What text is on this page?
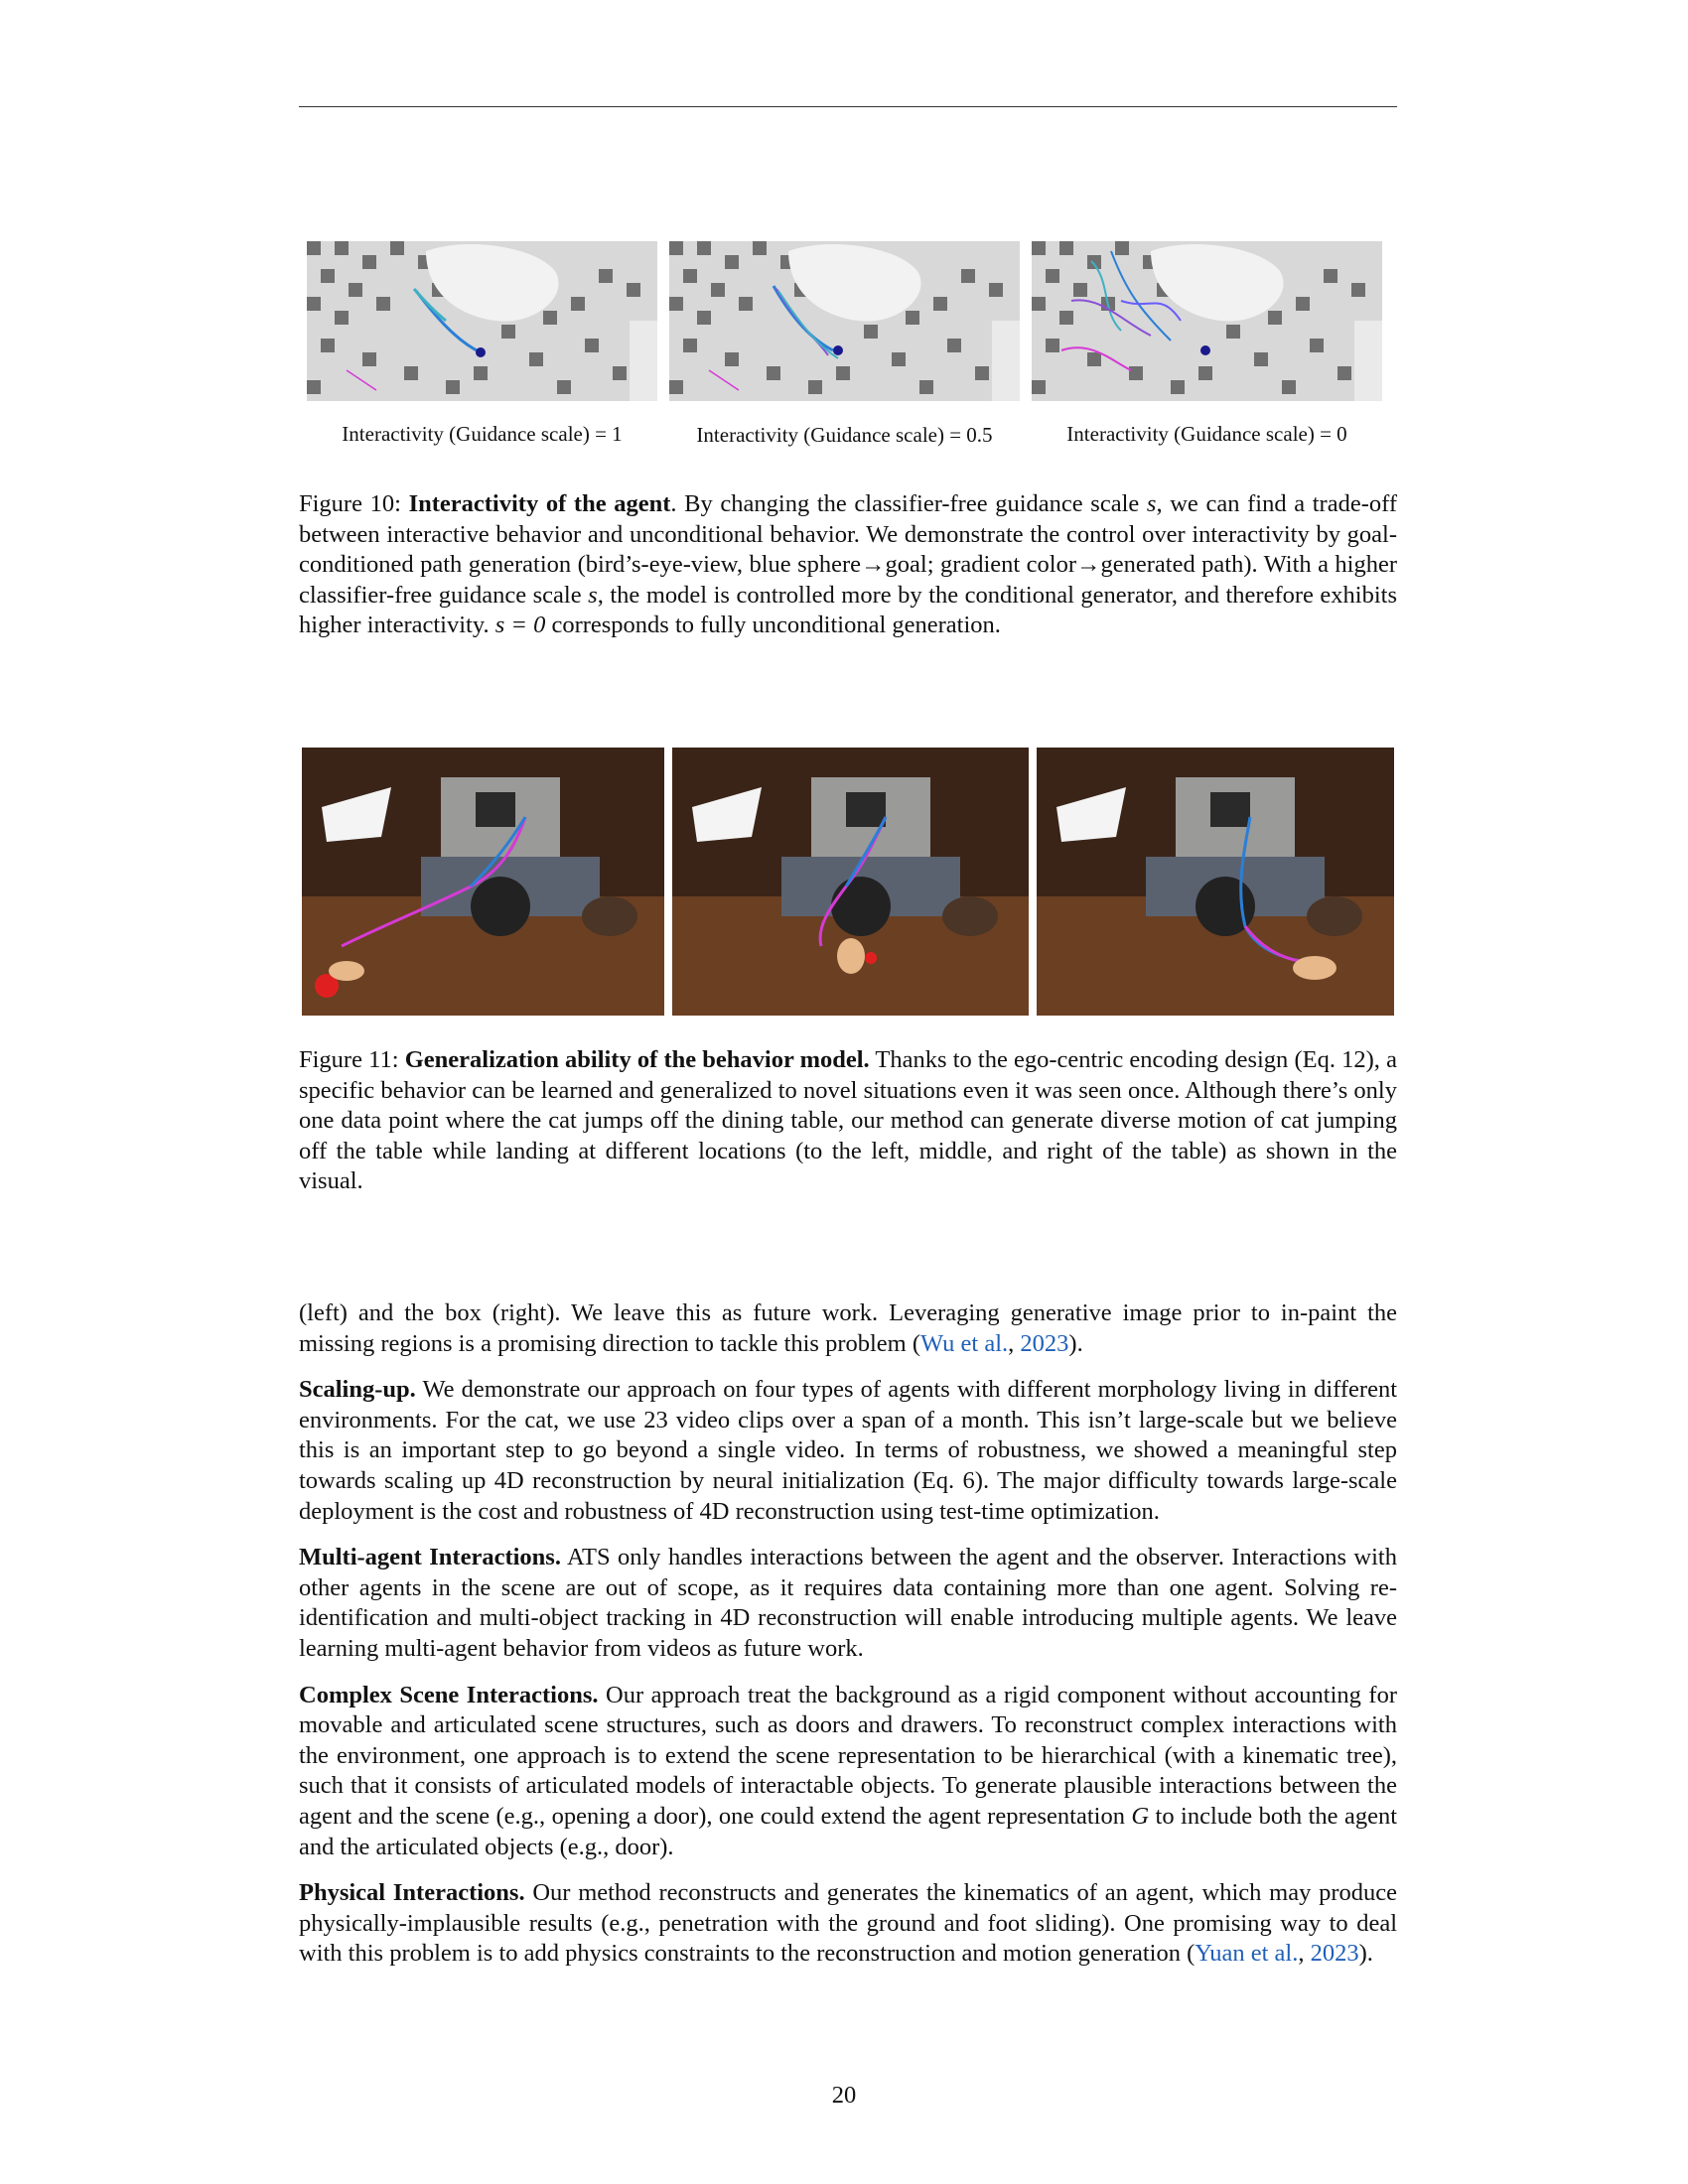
Interactivity (Guidance scale) = 1	Interactivity (Guidance scale) = 0.5	Interactivity (Guidance scale) = 0

Figure 10: Interactivity of the agent. By changing the classifier-free guidance scale s, we can find a trade-off between interactive behavior and unconditional behavior. We demonstrate the control over interactivity by goal-conditioned path generation (bird’s-eye-view, blue sphere→goal; gradient color→generated path). With a higher classifier-free guidance scale s, the model is controlled more by the conditional generator, and therefore exhibits higher interactivity. s = 0 corresponds to fully unconditional generation.

Figure 11: Generalization ability of the behavior model. Thanks to the ego-centric encoding design (Eq. 12), a specific behavior can be learned and generalized to novel situations even it was seen once. Although there’s only one data point where the cat jumps off the dining table, our method can generate diverse motion of cat jumping off the table while landing at different locations (to the left, middle, and right of the table) as shown in the visual.

(left) and the box (right). We leave this as future work. Leveraging generative image prior to in-paint the missing regions is a promising direction to tackle this problem (Wu et al., 2023).

Scaling-up. We demonstrate our approach on four types of agents with different morphology living in different environments. For the cat, we use 23 video clips over a span of a month. This isn’t large-scale but we believe this is an important step to go beyond a single video. In terms of robustness, we showed a meaningful step towards scaling up 4D reconstruction by neural initialization (Eq. 6). The major difficulty towards large-scale deployment is the cost and robustness of 4D reconstruction using test-time optimization.

Multi-agent Interactions. ATS only handles interactions between the agent and the observer. Interactions with other agents in the scene are out of scope, as it requires data containing more than one agent. Solving re-identification and multi-object tracking in 4D reconstruction will enable introducing multiple agents. We leave learning multi-agent behavior from videos as future work.

Complex Scene Interactions. Our approach treat the background as a rigid component without accounting for movable and articulated scene structures, such as doors and drawers. To reconstruct complex interactions with the environment, one approach is to extend the scene representation to be hierarchical (with a kinematic tree), such that it consists of articulated models of interactable objects. To generate plausible interactions between the agent and the scene (e.g., opening a door), one could extend the agent representation G to include both the agent and the articulated objects (e.g., door).

Physical Interactions. Our method reconstructs and generates the kinematics of an agent, which may produce physically-implausible results (e.g., penetration with the ground and foot sliding). One promising way to deal with this problem is to add physics constraints to the reconstruction and motion generation (Yuan et al., 2023).

20
